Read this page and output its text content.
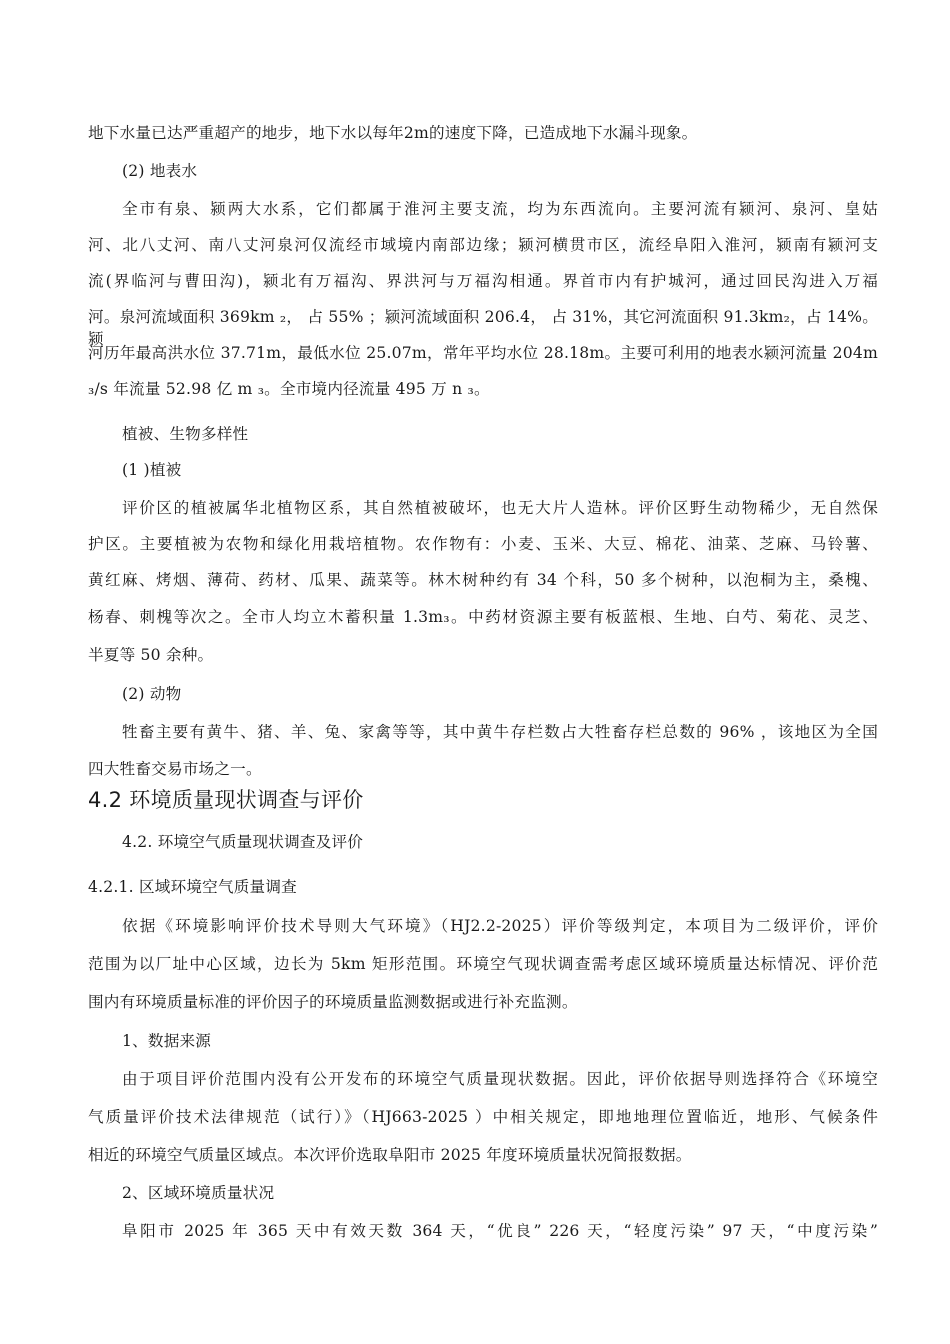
地下水量已达严重超产的地步，地下水以每年2m的速度下降，已造成地下水漏斗现象。
(2) 地表水
全市有泉、颍两大水系，它们都属于淮河主要支流，均为东西流向。主要河流有颍河、泉河、皇姑
河、北八丈河、南八丈河泉河仅流经市域境内南部边缘；颍河横贯市区，流经阜阳入淮河，颍南有颍河支
流(界临河与曹田沟)，颍北有万福沟、界洪河与万福沟相通。界首市内有护城河，通过回民沟进入万福
河。泉河流域面积 369km ₂， 占 55% ；颍河流域面积 206.4， 占 31%，其它河流面积 91.3km₂，占 14%。颍
河历年最高洪水位 37.71m，最低水位 25.07m，常年平均水位 28.18m。主要可利用的地表水颍河流量 204m
₃/s 年流量 52.98 亿 m ₃。全市境内径流量 495 万 n ₃。
植被、生物多样性
(1 )植被
评价区的植被属华北植物区系，其自然植被破坏，也无大片人造林。评价区野生动物稀少，无自然保
护区。主要植被为农物和绿化用栽培植物。农作物有：小麦、玉米、大豆、棉花、油菜、芝麻、马铃薯、
黄红麻、烤烟、薄荷、药材、瓜果、蔬菜等。林木树种约有 34 个科，50 多个树种，以泡桐为主，桑槐、
杨春、刺槐等次之。全市人均立木蓄积量 1.3m₃。中药材资源主要有板蓝根、生地、白芍、菊花、灵芝、
半夏等 50 余种。
(2) 动物
牲畜主要有黄牛、猪、羊、兔、家禽等等，其中黄牛存栏数占大牲畜存栏总数的 96% ，该地区为全国
四大牲畜交易市场之一。
4.2 环境质量现状调查与评价
4.2. 环境空气质量现状调查及评价
4.2.1. 区域环境空气质量调查
依据《环境影响评价技术导则大气环境》（HJ2.2-2025）评价等级判定，本项目为二级评价，评价
范围为以厂址中心区域，边长为 5km 矩形范围。环境空气现状调查需考虑区域环境质量达标情况、评价范
围内有环境质量标准的评价因子的环境质量监测数据或进行补充监测。
1、数据来源
由于项目评价范围内没有公开发布的环境空气质量现状数据。因此，评价依据导则选择符合《环境空
气质量评价技术法律规范（试行）》（HJ663-2025 ）中相关规定，即地地理位置临近，地形、气候条件
相近的环境空气质量区域点。本次评价选取阜阳市 2025 年度环境质量状况简报数据。
2、区域环境质量状况
阜阳市 2025 年 365 天中有效天数 364 天，“优良” 226 天，“轻度污染” 97 天，“中度污染”
